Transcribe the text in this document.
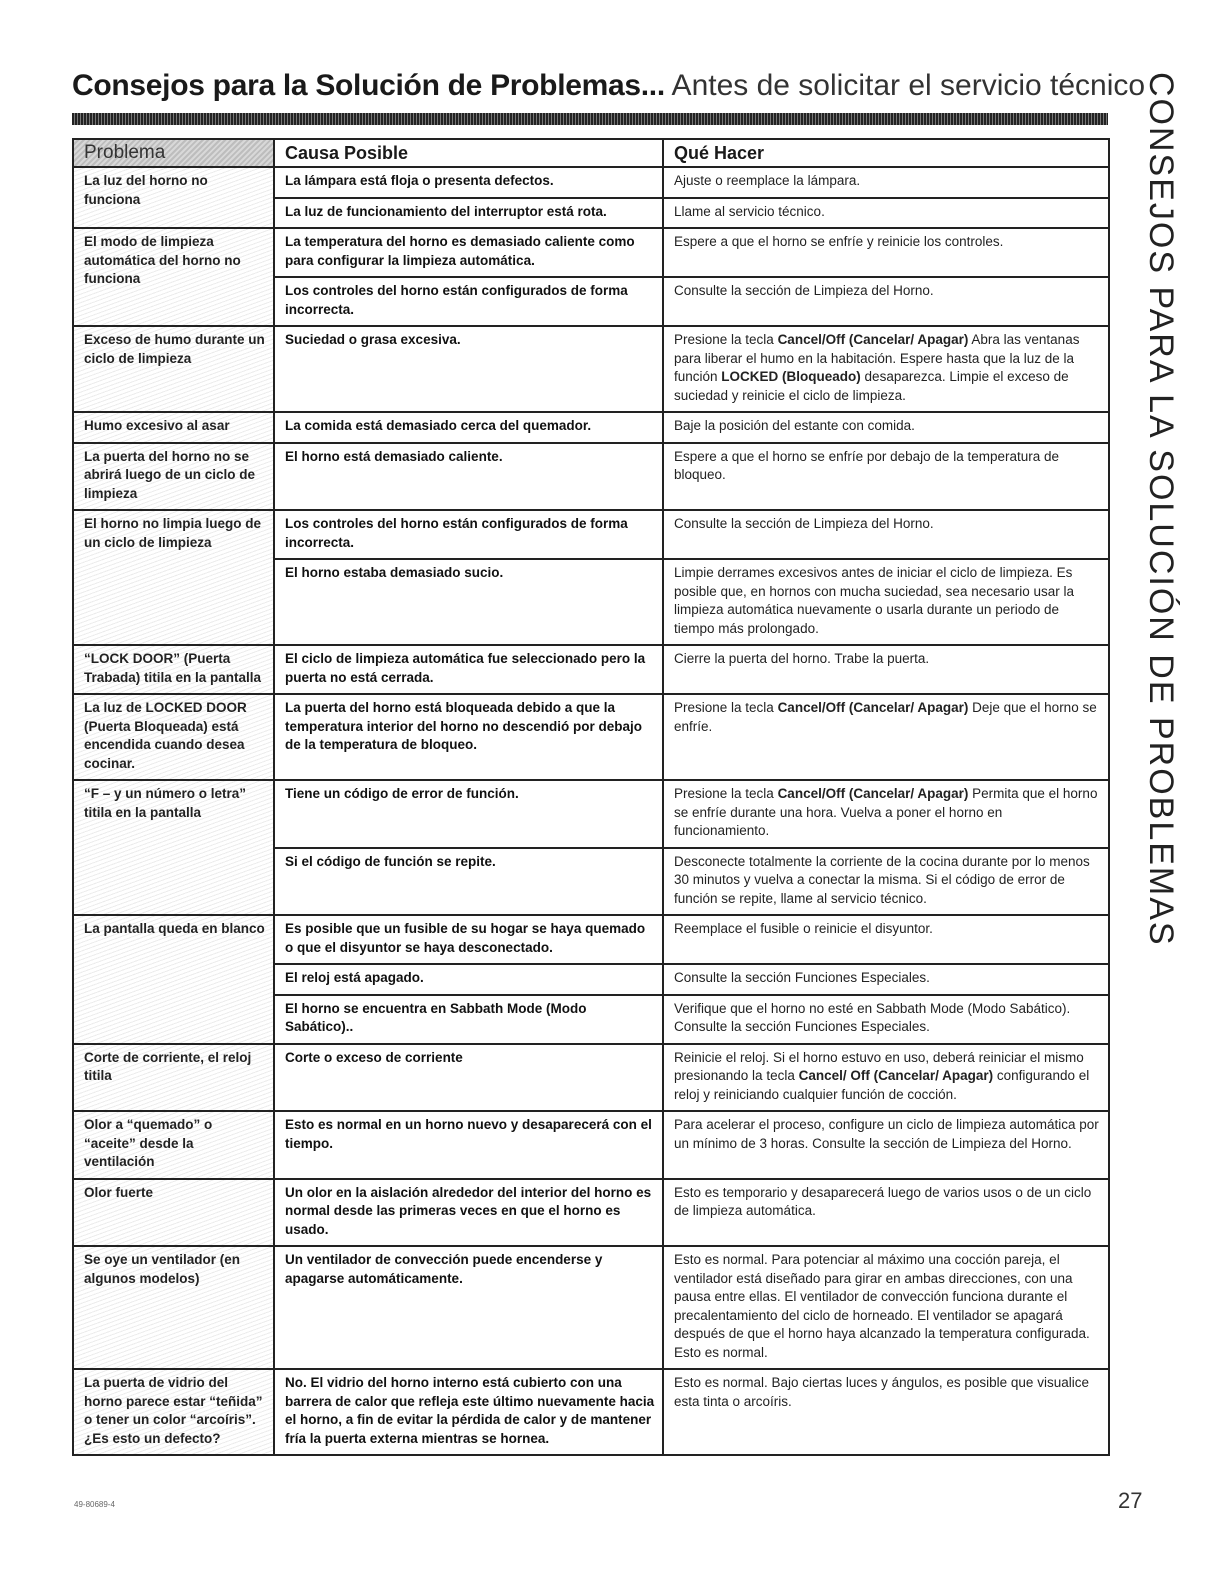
Consejos para la Solución de Problemas... Antes de solicitar el servicio técnico
CONSEJOS PARA LA SOLUCIÓN DE PROBLEMAS
Problema	Causa Posible	Qué Hacer
La luz del horno no funciona	La lámpara está floja o presenta defectos.	Ajuste o reemplace la lámpara.
	La luz de funcionamiento del interruptor está rota.	Llame al servicio técnico.
El modo de limpieza automática del horno no funciona	La temperatura del horno es demasiado caliente como para configurar la limpieza automática.	Espere a que el horno se enfríe y reinicie los controles.
	Los controles del horno están configurados de forma incorrecta.	Consulte la sección de Limpieza del Horno.
Exceso de humo durante un ciclo de limpieza	Suciedad o grasa excesiva.	Presione la tecla Cancel/Off (Cancelar/ Apagar) Abra las ventanas para liberar el humo en la habitación. Espere hasta que la luz de la función LOCKED (Bloqueado) desaparezca. Limpie el exceso de suciedad y reinicie el ciclo de limpieza.
Humo excesivo al asar	La comida está demasiado cerca del quemador.	Baje la posición del estante con comida.
La puerta del horno no se abrirá luego de un ciclo de limpieza	El horno está demasiado caliente.	Espere a que el horno se enfríe por debajo de la temperatura de bloqueo.
El horno no limpia luego de un ciclo de limpieza	Los controles del horno están configurados de forma incorrecta.	Consulte la sección de Limpieza del Horno.
	El horno estaba demasiado sucio.	Limpie derrames excesivos antes de iniciar el ciclo de limpieza. Es posible que, en hornos con mucha suciedad, sea necesario usar la limpieza automática nuevamente o usarla durante un periodo de tiempo más prolongado.
“LOCK DOOR” (Puerta Trabada) titila en la pantalla	El ciclo de limpieza automática fue seleccionado pero la puerta no está cerrada.	Cierre la puerta del horno. Trabe la puerta.
La luz de LOCKED DOOR (Puerta Bloqueada) está encendida cuando desea cocinar.	La puerta del horno está bloqueada debido a que la temperatura interior del horno no descendió por debajo de la temperatura de bloqueo.	Presione la tecla Cancel/Off (Cancelar/ Apagar) Deje que el horno se enfríe.
“F – y un número o letra” titila en la pantalla	Tiene un código de error de función.	Presione la tecla Cancel/Off (Cancelar/ Apagar) Permita que el horno se enfríe durante una hora. Vuelva a poner el horno en funcionamiento.
	Si el código de función se repite.	Desconecte totalmente la corriente de la cocina durante por lo menos 30 minutos y vuelva a conectar la misma. Si el código de error de función se repite, llame al servicio técnico.
La pantalla queda en blanco	Es posible que un fusible de su hogar se haya quemado o que el disyuntor se haya desconectado.	Reemplace el fusible o reinicie el disyuntor.
	El reloj está apagado.	Consulte la sección Funciones Especiales.
	El horno se encuentra en Sabbath Mode (Modo Sabático)..	Verifique que el horno no esté en Sabbath Mode (Modo Sabático). Consulte la sección Funciones Especiales.
Corte de corriente, el reloj titila	Corte o exceso de corriente	Reinicie el reloj. Si el horno estuvo en uso, deberá reiniciar el mismo presionando la tecla Cancel/ Off (Cancelar/ Apagar) configurando el reloj y reiniciando cualquier función de cocción.
Olor a “quemado” o “aceite” desde la ventilación	Esto es normal en un horno nuevo y desaparecerá con el tiempo.	Para acelerar el proceso, configure un ciclo de limpieza automática por un mínimo de 3 horas. Consulte la sección de Limpieza del Horno.
Olor fuerte	Un olor en la aislación alrededor del interior del horno es normal desde las primeras veces en que el horno es usado.	Esto es temporario y desaparecerá luego de varios usos o de un ciclo de limpieza automática.
Se oye un ventilador (en algunos modelos)	Un ventilador de convección puede encenderse y apagarse automáticamente.	Esto es normal. Para potenciar al máximo una cocción pareja, el ventilador está diseñado para girar en ambas direcciones, con una pausa entre ellas. El ventilador de convección funciona durante el precalentamiento del ciclo de horneado. El ventilador se apagará después de que el horno haya alcanzado la temperatura configurada. Esto es normal.
La puerta de vidrio del horno parece estar “teñida” o tener un color “arcoíris”. ¿Es esto un defecto?	No. El vidrio del horno interno está cubierto con una barrera de calor que refleja este último nuevamente hacia el horno, a fin de evitar la pérdida de calor y de mantener fría la puerta externa mientras se hornea.	Esto es normal. Bajo ciertas luces y ángulos, es posible que visualice esta tinta o arcoíris.
49-80689-4	27
